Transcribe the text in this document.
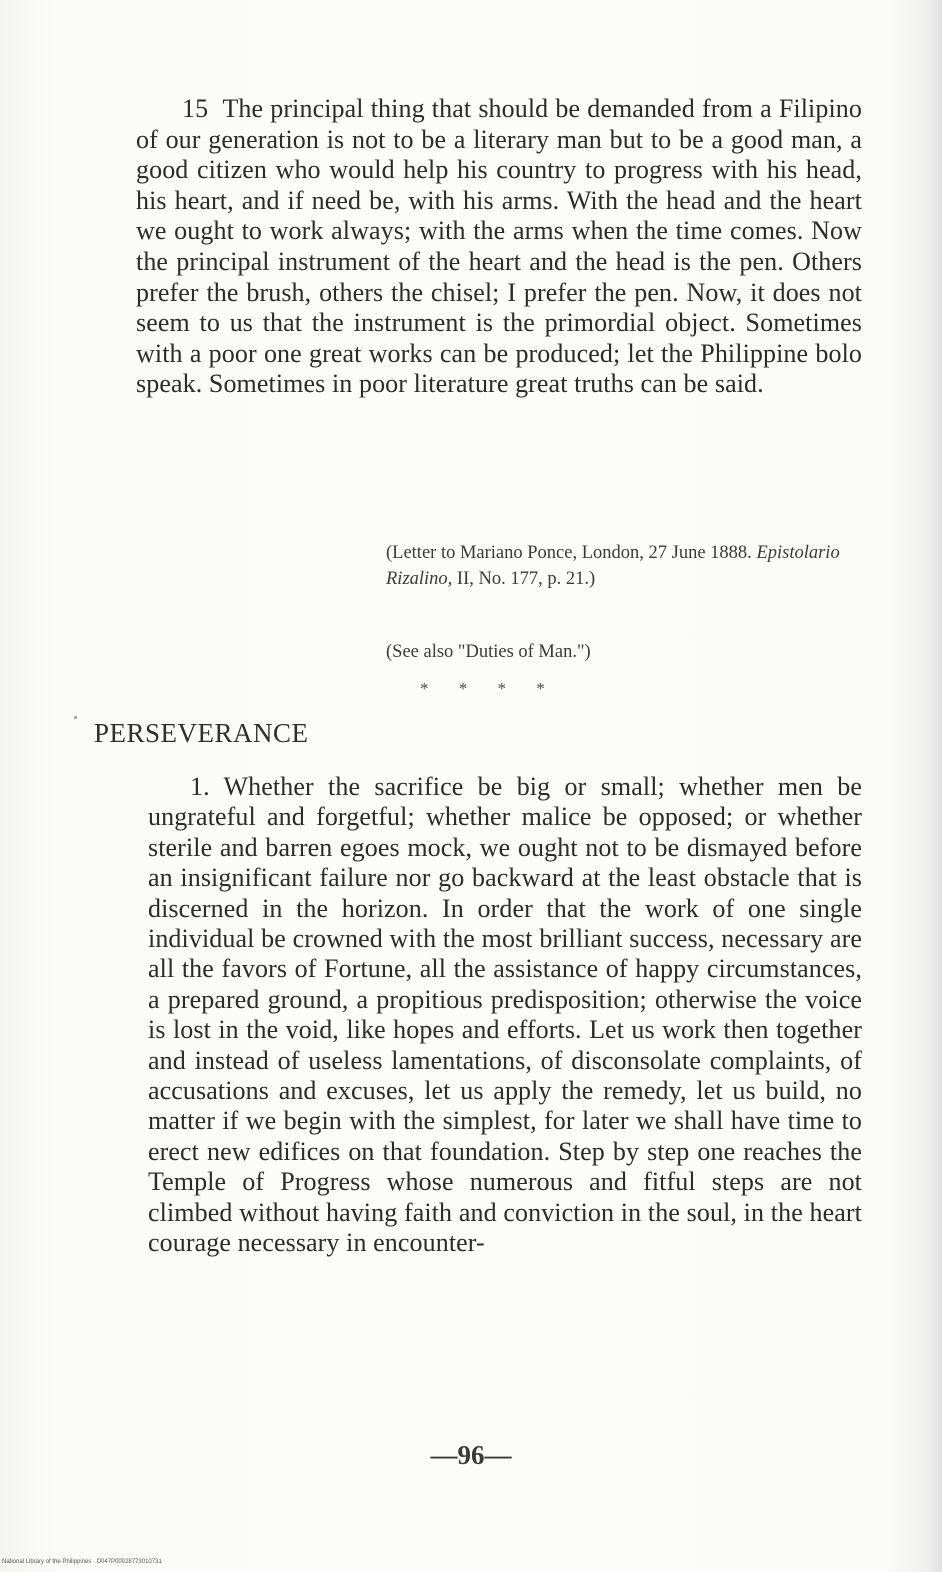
15 The principal thing that should be demanded from a Filipino of our generation is not to be a literary man but to be a good man, a good citizen who would help his country to progress with his head, his heart, and if need be, with his arms. With the head and the heart we ought to work always; with the arms when the time comes. Now the principal instrument of the heart and the head is the pen. Others prefer the brush, others the chisel; I prefer the pen. Now, it does not seem to us that the instrument is the primordial object. Sometimes with a poor one great works can be produced; let the Philippine bolo speak. Sometimes in poor literature great truths can be said.
(Letter to Mariano Ponce, London, 27 June 1888. Epistolario Rizalino, II, No. 177, p. 21.)
(See also "Duties of Man.")
* * * *
PERSEVERANCE
1. Whether the sacrifice be big or small; whether men be ungrateful and forgetful; whether malice be opposed; or whether sterile and barren egoes mock, we ought not to be dismayed before an insignificant failure nor go backward at the least obstacle that is discerned in the horizon. In order that the work of one single individual be crowned with the most brilliant success, necessary are all the favors of Fortune, all the assistance of happy circumstances, a prepared ground, a propitious predisposition; otherwise the voice is lost in the void, like hopes and efforts. Let us work then together and instead of useless lamentations, of disconsolate complaints, of accusations and excuses, let us apply the remedy, let us build, no matter if we begin with the simplest, for later we shall have time to erect new edifices on that foundation. Step by step one reaches the Temple of Progress whose numerous and fitful steps are not climbed without having faith and conviction in the soul, in the heart courage necessary in encounter-
—96—
National Library of the Philippines · D047P00028773010731
